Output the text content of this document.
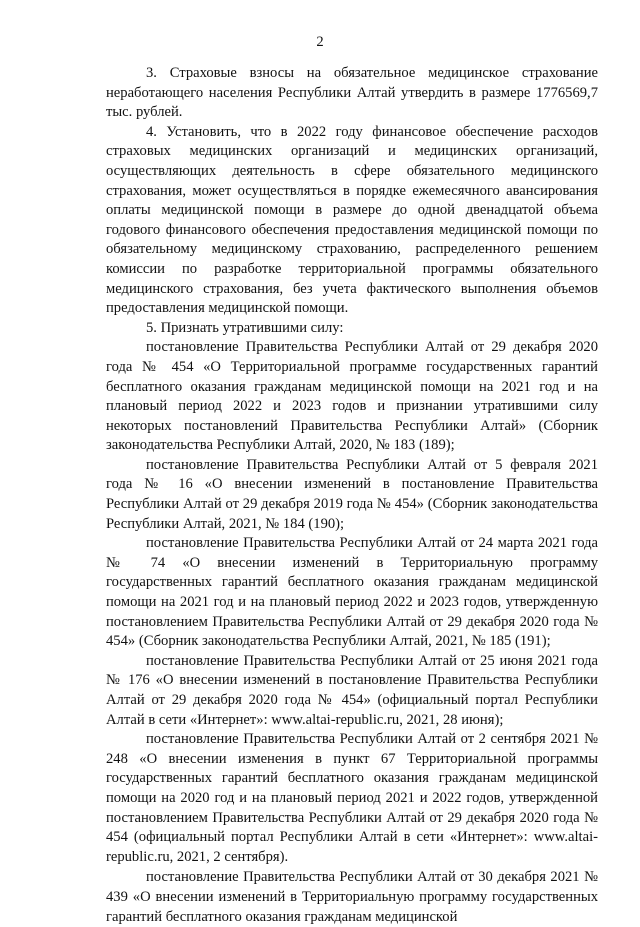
2

3. Страховые взносы на обязательное медицинское страхование неработающего населения Республики Алтай утвердить в размере 1776569,7 тыс. рублей.

4. Установить, что в 2022 году финансовое обеспечение расходов страховых медицинских организаций и медицинских организаций, осуществляющих деятельность в сфере обязательного медицинского страхования, может осуществляться в порядке ежемесячного авансирования оплаты медицинской помощи в размере до одной двенадцатой объема годового финансового обеспечения предоставления медицинской помощи по обязательному медицинскому страхованию, распределенного решением комиссии по разработке территориальной программы обязательного медицинского страхования, без учета фактического выполнения объемов предоставления медицинской помощи.

5. Признать утратившими силу:

постановление Правительства Республики Алтай от 29 декабря 2020 года № 454 «О Территориальной программе государственных гарантий бесплатного оказания гражданам медицинской помощи на 2021 год и на плановый период 2022 и 2023 годов и признании утратившими силу некоторых постановлений Правительства Республики Алтай» (Сборник законодательства Республики Алтай, 2020, № 183 (189);

постановление Правительства Республики Алтай от 5 февраля 2021 года № 16 «О внесении изменений в постановление Правительства Республики Алтай от 29 декабря 2019 года № 454» (Сборник законодательства Республики Алтай, 2021, № 184 (190);

постановление Правительства Республики Алтай от 24 марта 2021 года № 74 «О внесении изменений в Территориальную программу государственных гарантий бесплатного оказания гражданам медицинской помощи на 2021 год и на плановый период 2022 и 2023 годов, утвержденную постановлением Правительства Республики Алтай от 29 декабря 2020 года № 454» (Сборник законодательства Республики Алтай, 2021, № 185 (191);

постановление Правительства Республики Алтай от 25 июня 2021 года № 176 «О внесении изменений в постановление Правительства Республики Алтай от 29 декабря 2020 года № 454» (официальный портал Республики Алтай в сети «Интернет»: www.altai-republic.ru, 2021, 28 июня);

постановление Правительства Республики Алтай от 2 сентября 2021 № 248 «О внесении изменения в пункт 67 Территориальной программы государственных гарантий бесплатного оказания гражданам медицинской помощи на 2020 год и на плановый период 2021 и 2022 годов, утвержденной постановлением Правительства Республики Алтай от 29 декабря 2020 года № 454 (официальный портал Республики Алтай в сети «Интернет»: www.altai-republic.ru, 2021, 2 сентября).

постановление Правительства Республики Алтай от 30 декабря 2021 № 439 «О внесении изменений в Территориальную программу государственных гарантий бесплатного оказания гражданам медицинской
